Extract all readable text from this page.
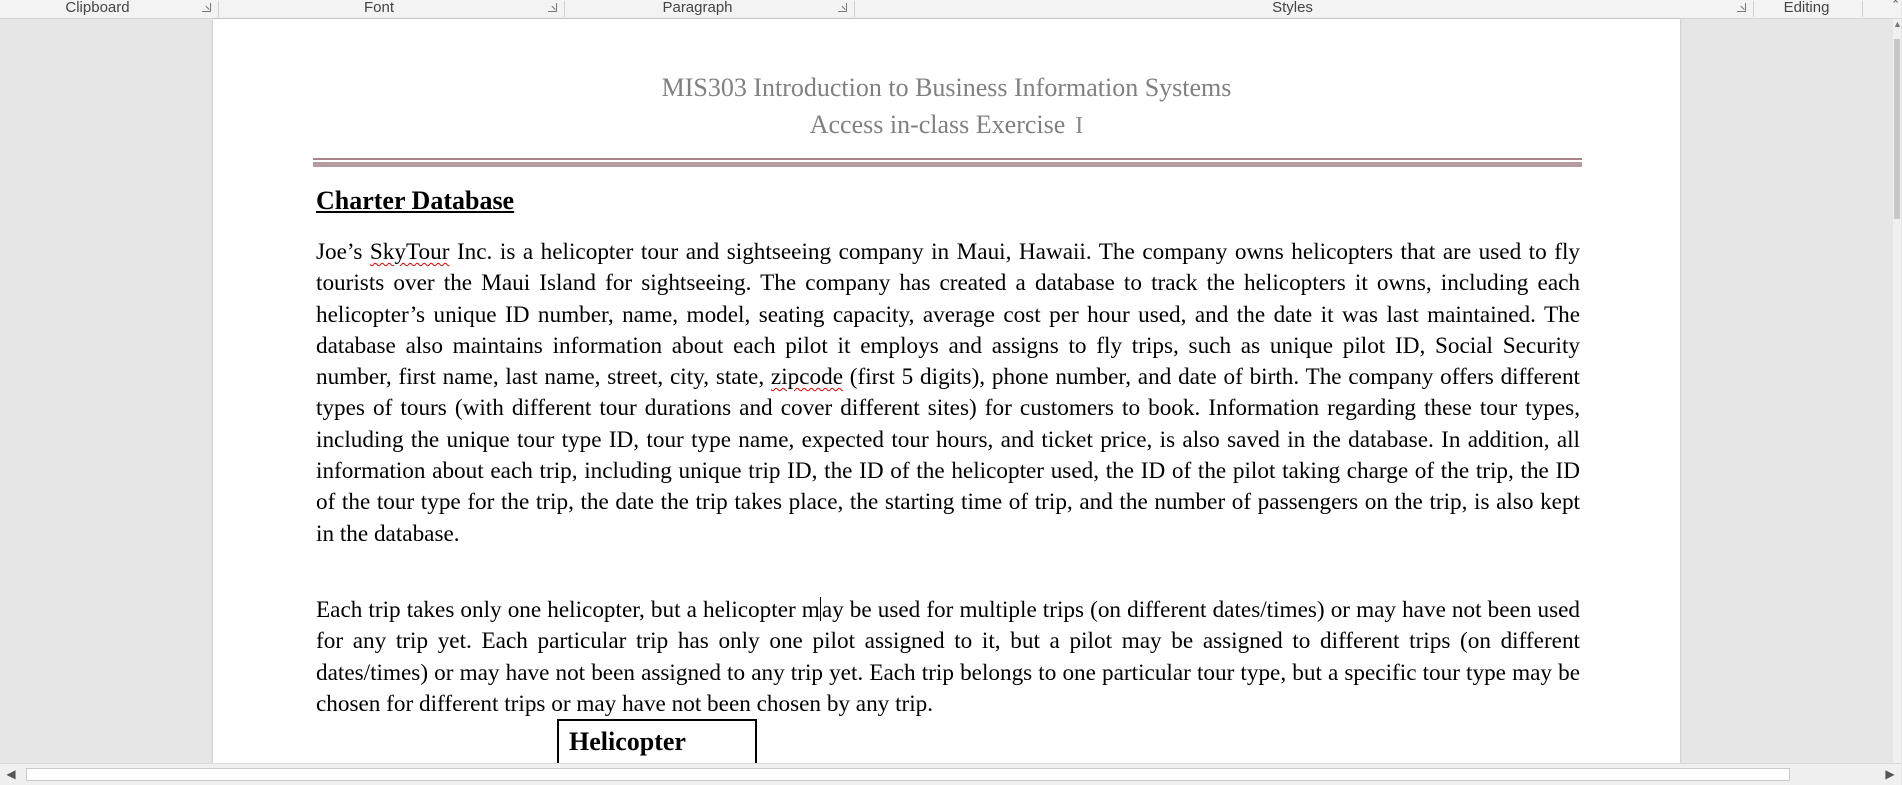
Clipboard	Font	Paragraph	Styles	Editing	⌃
MIS303 Introduction to Business Information Systems
Access in-class Exercise I
Charter Database

Joe’s SkyTour Inc. is a helicopter tour and sightseeing company in Maui, Hawaii. The company owns helicopters that are used to fly tourists over the Maui Island for sightseeing. The company has created a database to track the helicopters it owns, including each helicopter’s unique ID number, name, model, seating capacity, average cost per hour used, and the date it was last maintained. The database also maintains information about each pilot it employs and assigns to fly trips, such as unique pilot ID, Social Security number, first name, last name, street, city, state, zipcode (first 5 digits), phone number, and date of birth. The company offers different types of tours (with different tour durations and cover different sites) for customers to book. Information regarding these tour types, including the unique tour type ID, tour type name, expected tour hours, and ticket price, is also saved in the database. In addition, all information about each trip, including unique trip ID, the ID of the helicopter used, the ID of the pilot taking charge of the trip, the ID of the tour type for the trip, the date the trip takes place, the starting time of trip, and the number of passengers on the trip, is also kept in the database.

Each trip takes only one helicopter, but a helicopter may be used for multiple trips (on different dates/times) or may have not been used for any trip yet. Each particular trip has only one pilot assigned to it, but a pilot may be assigned to different trips (on different dates/times) or may have not been assigned to any trip yet. Each trip belongs to one particular tour type, but a specific tour type may be chosen for different trips or may have not been chosen by any trip.

Helicopter
▲
◀	▶
